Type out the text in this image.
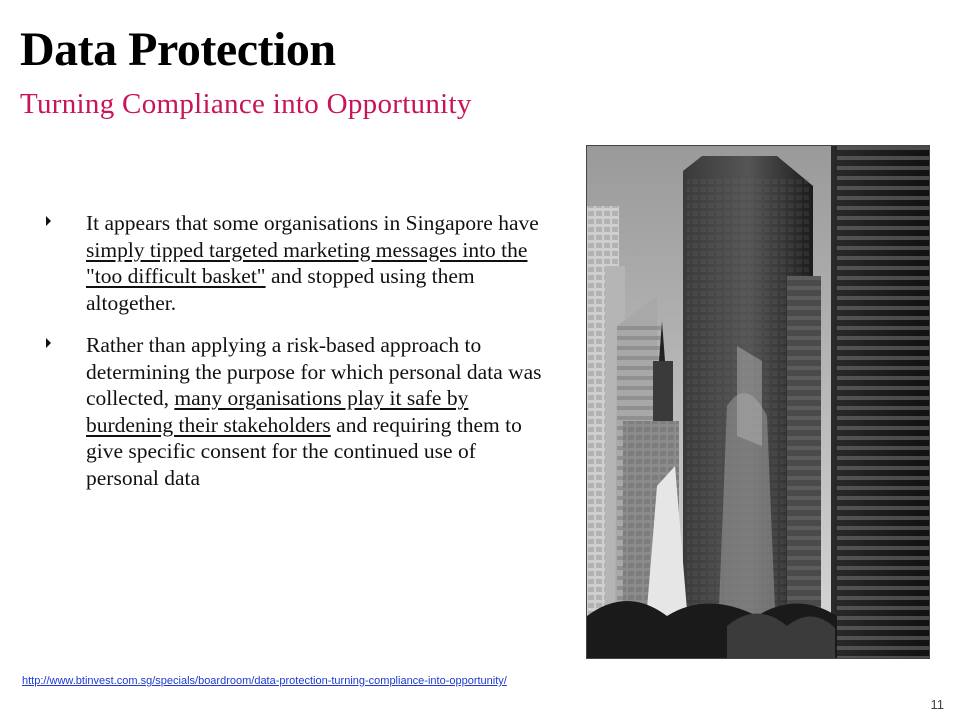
Data Protection
Turning Compliance into Opportunity
It appears that some organisations in Singapore have simply tipped targeted marketing messages into the "too difficult basket" and stopped using them altogether.
Rather than applying a risk-based approach to determining the purpose for which personal data was collected, many organisations play it safe by burdening their stakeholders and requiring them to give specific consent for the continued use of personal data

http://www.btinvest.com.sg/specials/boardroom/data-protection-turning-compliance-into-opportunity/

11
